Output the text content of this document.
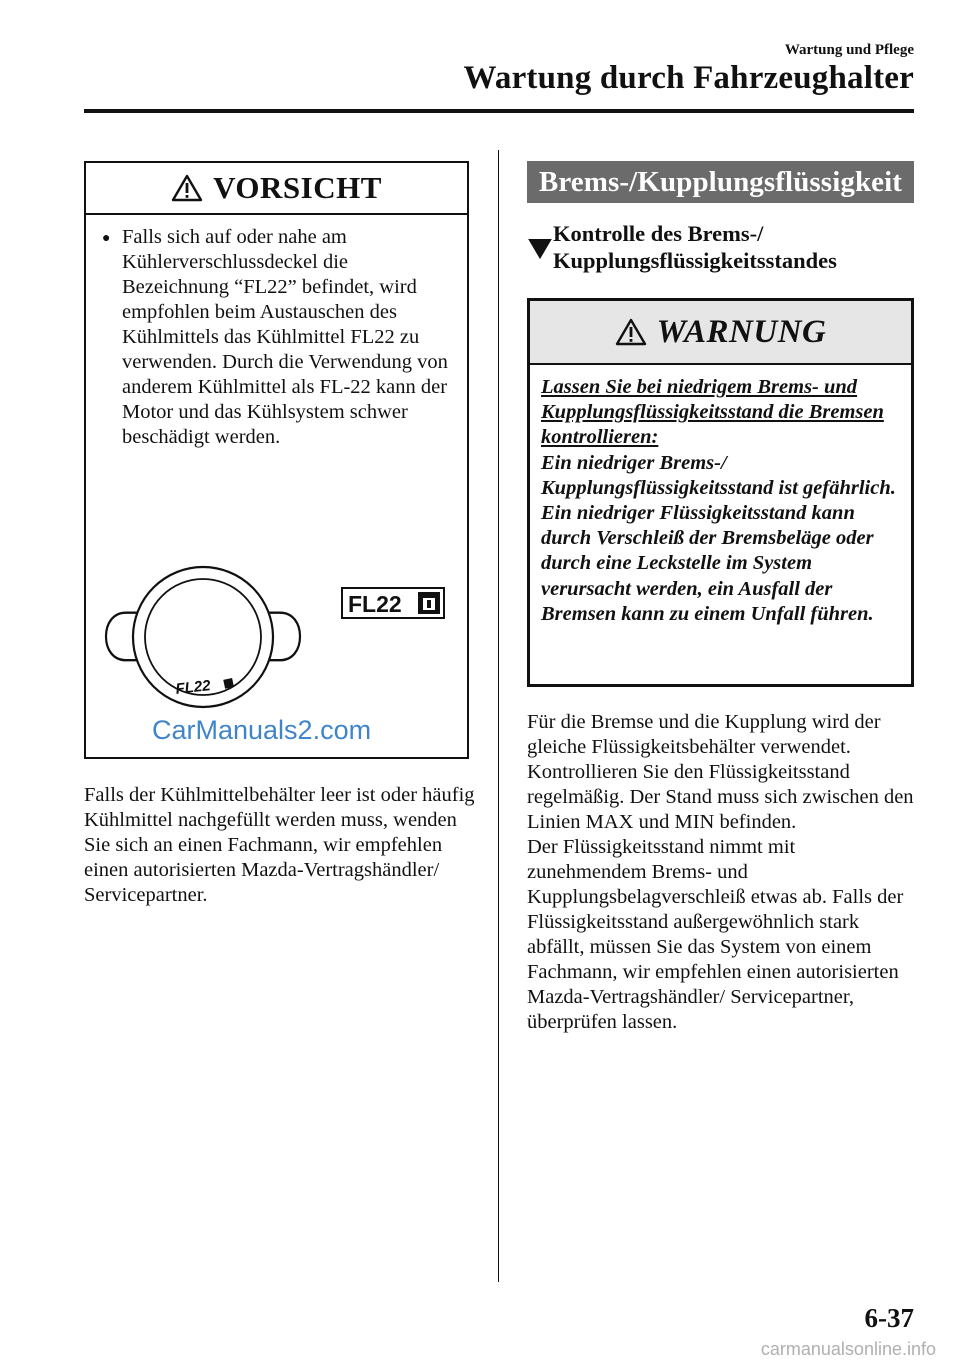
Wartung und Pflege
Wartung durch Fahrzeughalter
VORSICHT
● Falls sich auf oder nahe am Kühlerverschlussdeckel die Bezeichnung “FL22” befindet, wird empfohlen beim Austauschen des Kühlmittels das Kühlmittel FL22 zu verwenden. Durch die Verwendung von anderem Kühlmittel als FL-22 kann der Motor und das Kühlsystem schwer beschädigt werden.
FL22
FL22
CarManuals2.com

Falls der Kühlmittelbehälter leer ist oder häufig Kühlmittel nachgefüllt werden muss, wenden Sie sich an einen Fachmann, wir empfehlen einen autorisierten Mazda-Vertragshändler/ Servicepartner.

Brems-/Kupplungsflüssigkeit
Kontrolle des Brems-/ Kupplungsflüssigkeitsstandes
WARNUNG
Lassen Sie bei niedrigem Brems- und Kupplungsflüssigkeitsstand die Bremsen kontrollieren:
Ein niedriger Brems-/ Kupplungsflüssigkeitsstand ist gefährlich.
Ein niedriger Flüssigkeitsstand kann durch Verschleiß der Bremsbeläge oder durch eine Leckstelle im System verursacht werden, ein Ausfall der Bremsen kann zu einem Unfall führen.

Für die Bremse und die Kupplung wird der gleiche Flüssigkeitsbehälter verwendet.

Kontrollieren Sie den Flüssigkeitsstand regelmäßig. Der Stand muss sich zwischen den Linien MAX und MIN befinden.

Der Flüssigkeitsstand nimmt mit zunehmendem Brems- und Kupplungsbelagverschleiß etwas ab. Falls der Flüssigkeitsstand außergewöhnlich stark abfällt, müssen Sie das System von einem Fachmann, wir empfehlen einen autorisierten Mazda-Vertragshändler/ Servicepartner, überprüfen lassen.

6-37
carmanualsonline.info
